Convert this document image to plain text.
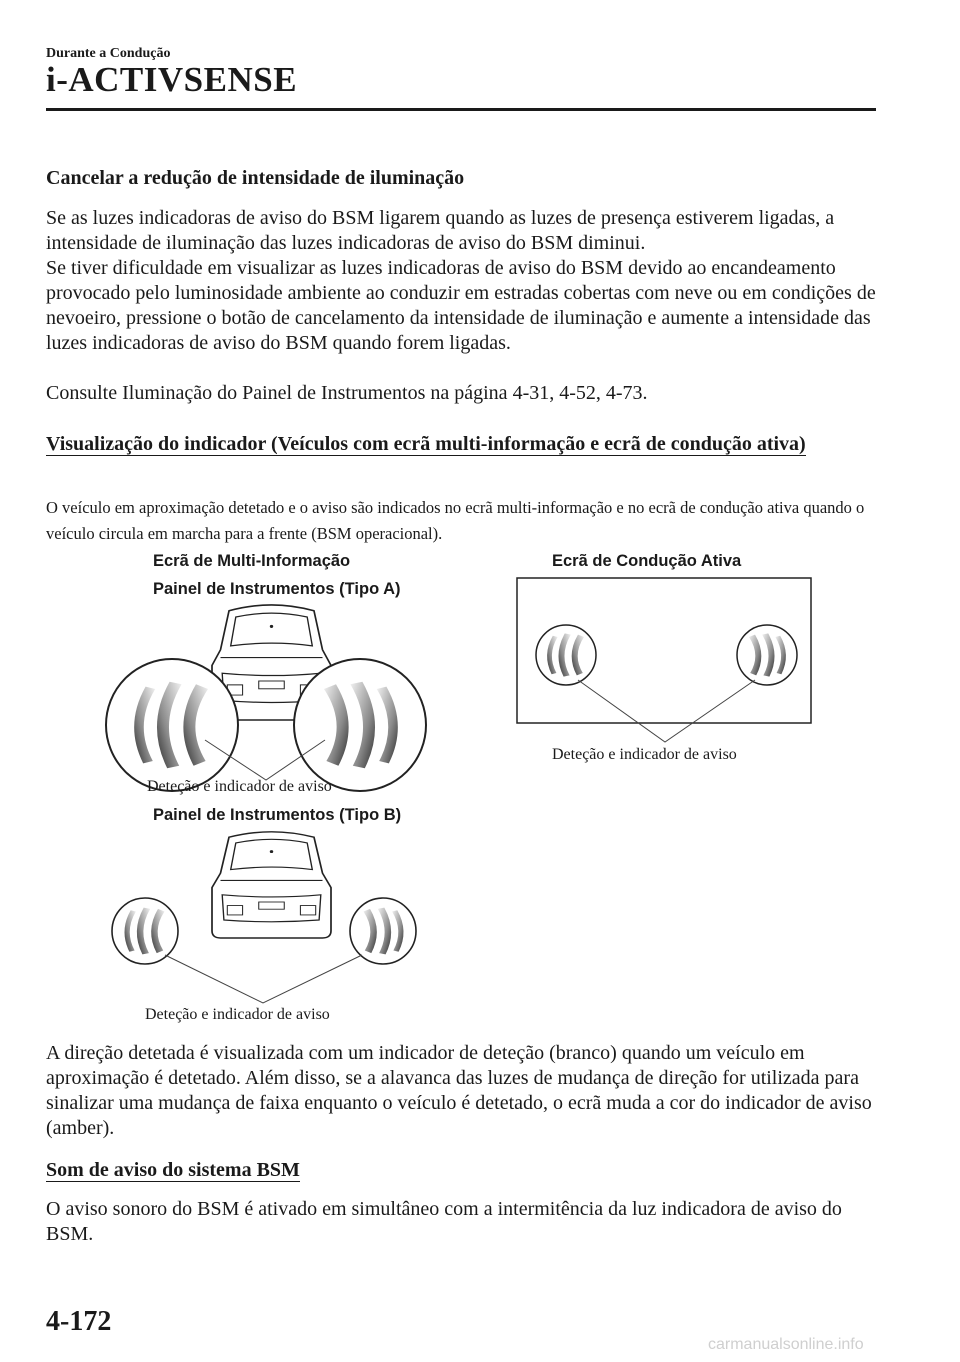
Durante a Condução
i-ACTIVSENSE

Cancelar a redução de intensidade de iluminação

Se as luzes indicadoras de aviso do BSM ligarem quando as luzes de presença estiverem ligadas, a intensidade de iluminação das luzes indicadoras de aviso do BSM diminui.

Se tiver dificuldade em visualizar as luzes indicadoras de aviso do BSM devido ao encandeamento provocado pelo luminosidade ambiente ao conduzir em estradas cobertas com neve ou em condições de nevoeiro, pressione o botão de cancelamento da intensidade de iluminação e aumente a intensidade das luzes indicadoras de aviso do BSM quando forem ligadas.

Consulte Iluminação do Painel de Instrumentos na página 4-31, 4-52, 4-73.

Visualização do indicador (Veículos com ecrã multi-informação e ecrã de condução ativa)

O veículo em aproximação detetado e o aviso são indicados no ecrã multi-informação e no ecrã de condução ativa quando o veículo circula em marcha para a frente (BSM operacional).

Ecrã de Multi-Informação
Painel de Instrumentos (Tipo A)
Ecrã de Condução Ativa
Painel de Instrumentos (Tipo B)
Deteção e indicador de aviso
Deteção e indicador de aviso
Deteção e indicador de aviso

A direção detetada é visualizada com um indicador de deteção (branco) quando um veículo em aproximação é detetado. Além disso, se a alavanca das luzes de mudança de direção for utilizada para sinalizar uma mudança de faixa enquanto o veículo é detetado, o ecrã muda a cor do indicador de aviso (amber).

Som de aviso do sistema BSM

O aviso sonoro do BSM é ativado em simultâneo com a intermitência da luz indicadora de aviso do BSM.

4-172
carmanualsonline.info
